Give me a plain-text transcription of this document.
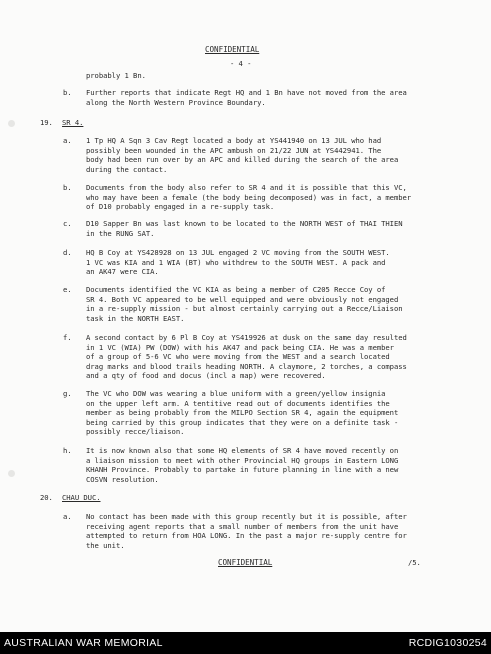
CONFIDENTIAL
- 4 -
probably 1 Bn.
b. Further reports that indicate Regt HQ and 1 Bn have not moved from the area
along the North Western Province Boundary.
19. SR 4.
a. 1 Tp HQ A Sqn 3 Cav Regt located a body at YS441940 on 13 JUL who had
possibly been wounded in the APC ambush on 21/22 JUN at YS442941. The
body had been run over by an APC and killed during the search of the area
during the contact.
b. Documents from the body also refer to SR 4 and it is possible that this VC,
who may have been a female (the body being decomposed) was in fact, a member
of D10 probably engaged in a re-supply task.
c. D10 Sapper Bn was last known to be located to the NORTH WEST of THAI THIEN
in the RUNG SAT.
d. HQ B Coy at YS428928 on 13 JUL engaged 2 VC moving from the SOUTH WEST.
1 VC was KIA and 1 WIA (BT) who withdrew to the SOUTH WEST. A pack and
an AK47 were CIA.
e. Documents identified the VC KIA as being a member of C205 Recce Coy of
SR 4. Both VC appeared to be well equipped and were obviously not engaged
in a re-supply mission - but almost certainly carrying out a Recce/Liaison
task in the NORTH EAST.
f. A second contact by 6 Pl B Coy at YS419926 at dusk on the same day resulted
in 1 VC (WIA) PW (DOW) with his AK47 and pack being CIA. He was a member
of a group of 5-6 VC who were moving from the WEST and a search located
drag marks and blood trails heading NORTH. A claymore, 2 torches, a compass
and a qty of food and docus (incl a map) were recovered.
g. The VC who DOW was wearing a blue uniform with a green/yellow insignia
on the upper left arm. A tentitive read out of documents identifies the
member as being probably from the MILPO Section SR 4, again the equipment
being carried by this group indicates that they were on a definite task -
possibly recce/liaison.
h. It is now known also that some HQ elements of SR 4 have moved recently on
a liaison mission to meet with other Provincial HQ groups in Eastern LONG
KHANH Province. Probably to partake in future planning in line with a new
COSVN resolution.
20. CHAU DUC.
a. No contact has been made with this group recently but it is possible, after
receiving agent reports that a small number of members from the unit have
attempted to return from HOA LONG. In the past a major re-supply centre for
the unit.
CONFIDENTIAL	/5.
AUSTRALIAN WAR MEMORIAL	RCDIG1030254
